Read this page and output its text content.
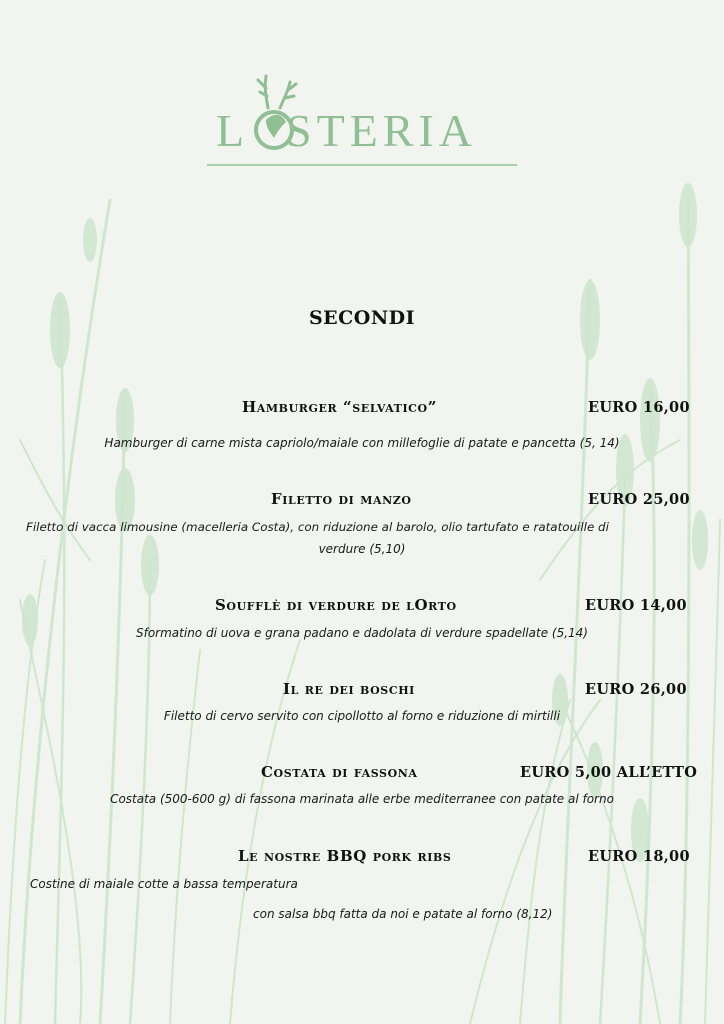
L STERIA
SECONDI
Hamburger “selvatico”	EURO 16,00
Hamburger di carne mista capriolo/maiale con millefoglie di patate e pancetta (5, 14)
Filetto di manzo	EURO 25,00
Filetto di vacca limousine (macelleria Costa), con riduzione al barolo, olio tartufato e ratatouille di
verdure (5,10)
Soufflè di verdure de lOrto	EURO 14,00
Sformatino di uova e grana padano e dadolata di verdure spadellate (5,14)
Il re dei boschi	EURO 26,00
Filetto di cervo servito con cipollotto al forno e riduzione di mirtilli
Costata di fassona	EURO 5,00 ALL’ETTO
Costata (500-600 g) di fassona marinata alle erbe mediterranee con patate al forno
Le nostre BBQ pork ribs	EURO 18,00
Costine di maiale cotte a bassa temperatura
con salsa bbq fatta da noi e patate al forno (8,12)
